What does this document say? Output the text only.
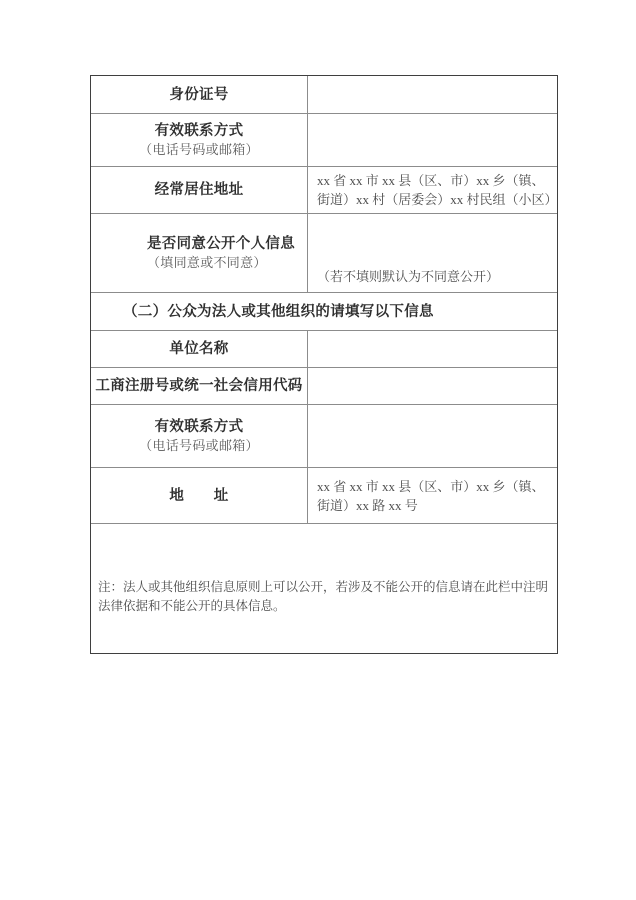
身份证号
有效联系方式
（电话号码或邮箱）
经常居住地址
xx 省 xx 市 xx 县（区、市）xx 乡（镇、街道）xx 村（居委会）xx 村民组（小区）
是否同意公开个人信息
（填同意或不同意）
（若不填则默认为不同意公开）
（二）公众为法人或其他组织的请填写以下信息
单位名称
工商注册号或统一社会信用代码
有效联系方式
（电话号码或邮箱）
地　　址
xx 省 xx 市 xx 县（区、市）xx 乡（镇、街道）xx 路 xx 号
注：法人或其他组织信息原则上可以公开，若涉及不能公开的信息请在此栏中注明法律依据和不能公开的具体信息。
